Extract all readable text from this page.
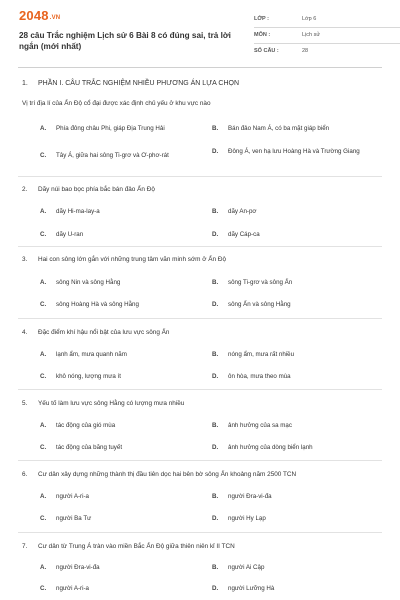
2048.VN
28 câu Trắc nghiệm Lịch sử 6 Bài 8 có đúng sai, trả lời ngắn (mới nhất)
LỚP :	Lớp 6
MÔN :	Lịch sử
SỐ CÂU :	28
1. PHẦN I. CÂU TRẮC NGHIỆM NHIỀU PHƯƠNG ÁN LỰA CHỌN
Vị trí địa lí của Ấn Độ cổ đại được xác định chủ yếu ở khu vực nào
A. Phía đông châu Phi, giáp Địa Trung Hải	B. Bán đảo Nam Á, có ba mặt giáp biển
C. Tây Á, giữa hai sông Ti-grơ và Ơ-phơ-rát
D. Đông Á, ven hạ lưu Hoàng Hà và Trường Giang
2. Dãy núi bao bọc phía bắc bán đảo Ấn Độ
A. dãy Hi-ma-lay-a	B. dãy An-pơ
C. dãy U-ran	D. dãy Cáp-ca
3. Hai con sông lớn gắn với những trung tâm văn minh sớm ở Ấn Độ
A. sông Nin và sông Hằng	B. sông Ti-grơ và sông Ấn
C. sông Hoàng Hà và sông Hằng	D. sông Ấn và sông Hằng
4. Đặc điểm khí hậu nổi bật của lưu vực sông Ấn
A. lạnh ẩm, mưa quanh năm	B. nóng ẩm, mưa rất nhiều
C. khô nóng, lượng mưa ít	D. ôn hòa, mưa theo mùa
5. Yếu tố làm lưu vực sông Hằng có lượng mưa nhiều
A. tác động của gió mùa	B. ảnh hưởng của sa mạc
C. tác động của băng tuyết	D. ảnh hưởng của dòng biển lạnh
6. Cư dân xây dựng những thành thị đầu tiên dọc hai bên bờ sông Ấn khoảng năm 2500 TCN
A. người A-ri-a	B. người Đra-vi-đa
C. người Ba Tư	D. người Hy Lạp
7. Cư dân từ Trung Á tràn vào miền Bắc Ấn Độ giữa thiên niên kỉ II TCN
A. người Đra-vi-đa	B. người Ai Cập
C. người A-ri-a	D. người Lưỡng Hà
